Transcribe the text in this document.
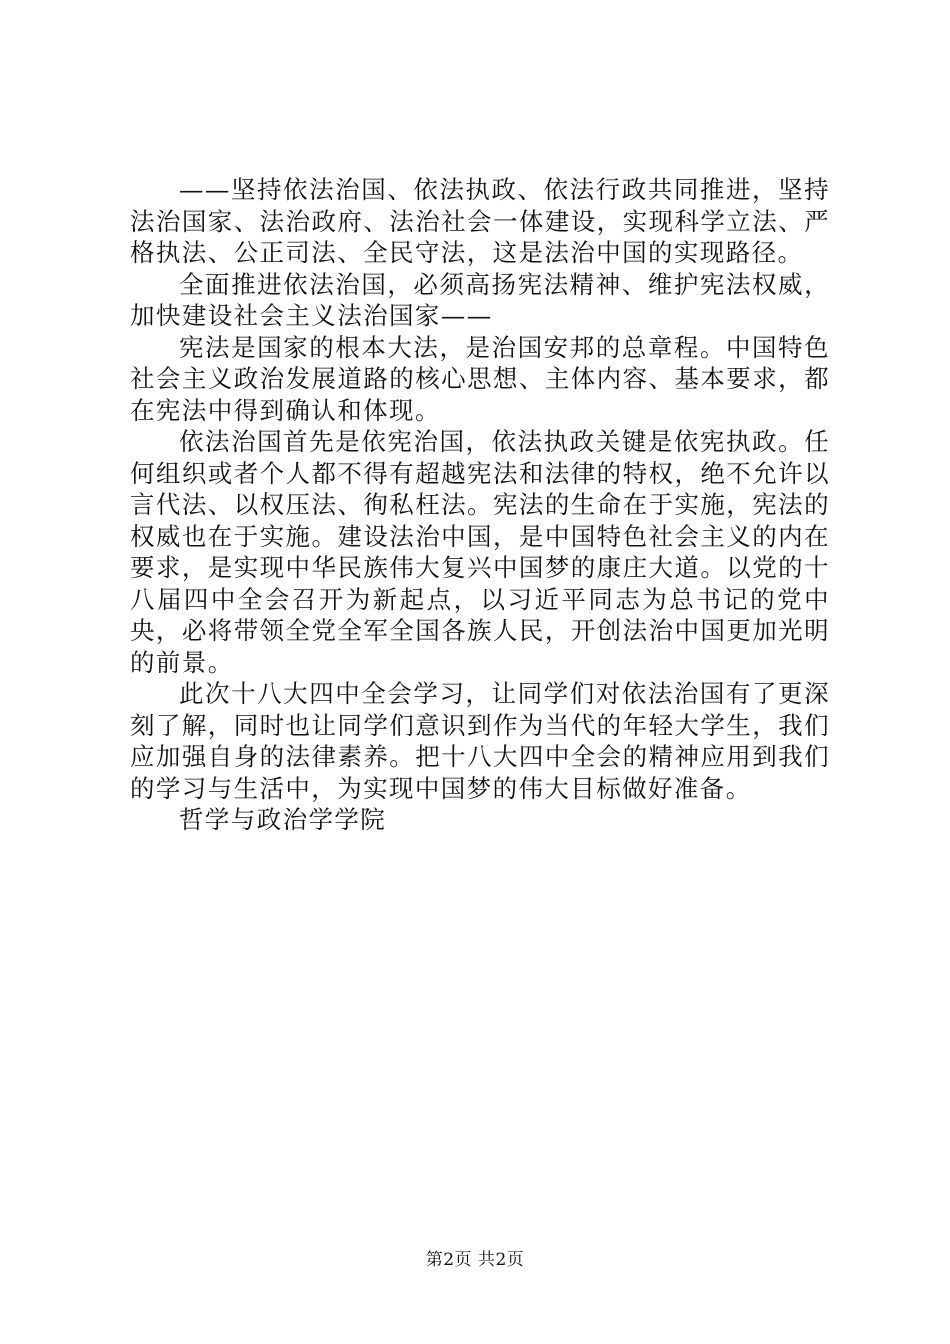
——坚持依法治国、依法执政、依法行政共同推进，坚持法治国家、法治政府、法治社会一体建设，实现科学立法、严格执法、公正司法、全民守法，这是法治中国的实现路径。

全面推进依法治国，必须高扬宪法精神、维护宪法权威，加快建设社会主义法治国家——

宪法是国家的根本大法，是治国安邦的总章程。中国特色社会主义政治发展道路的核心思想、主体内容、基本要求，都在宪法中得到确认和体现。

依法治国首先是依宪治国，依法执政关键是依宪执政。任何组织或者个人都不得有超越宪法和法律的特权，绝不允许以言代法、以权压法、徇私枉法。宪法的生命在于实施，宪法的权威也在于实施。建设法治中国，是中国特色社会主义的内在要求，是实现中华民族伟大复兴中国梦的康庄大道。以党的十八届四中全会召开为新起点，以习近平同志为总书记的党中央，必将带领全党全军全国各族人民，开创法治中国更加光明的前景。

此次十八大四中全会学习，让同学们对依法治国有了更深刻了解，同时也让同学们意识到作为当代的年轻大学生，我们应加强自身的法律素养。把十八大四中全会的精神应用到我们的学习与生活中，为实现中国梦的伟大目标做好准备。

哲学与政治学学院

第2页 共2页
